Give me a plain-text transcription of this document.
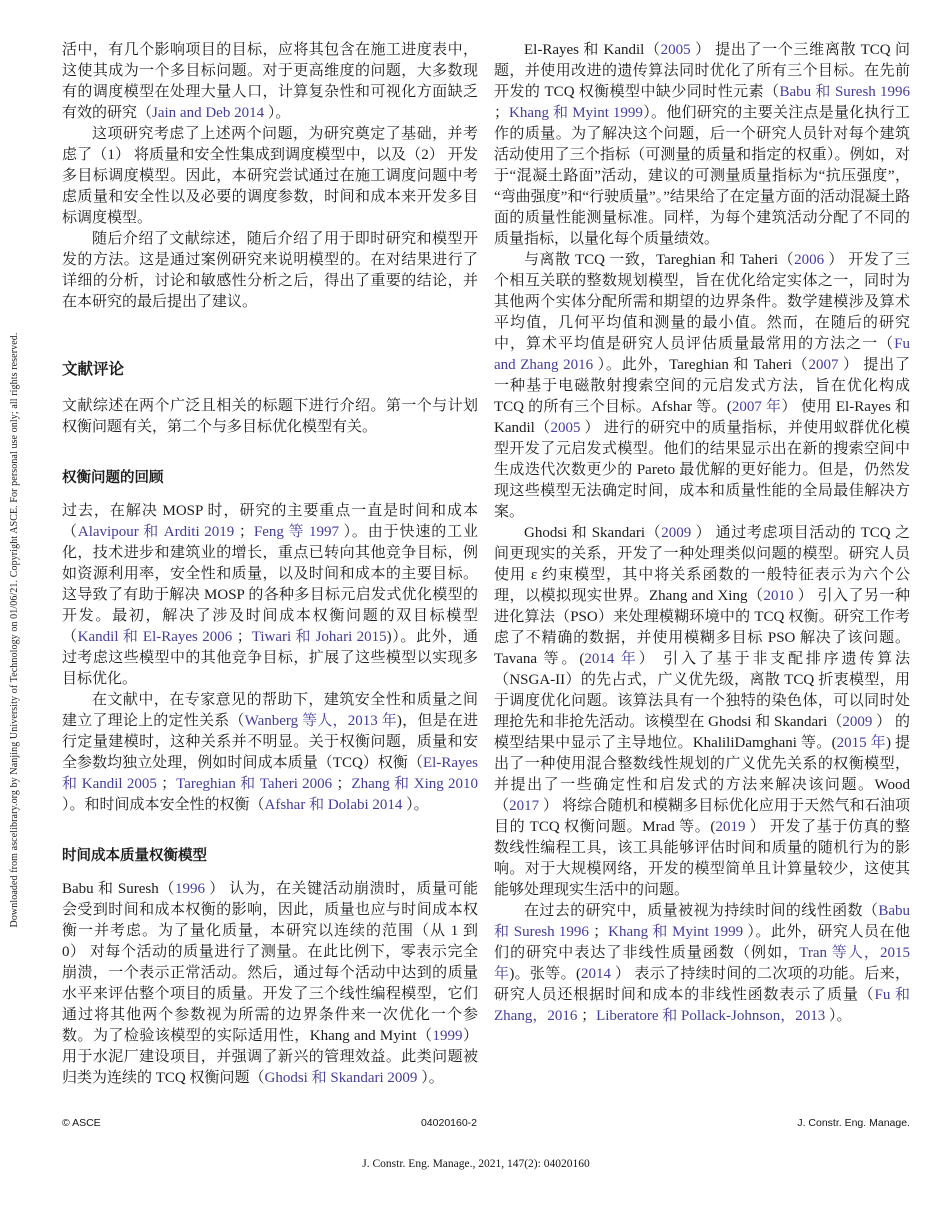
Downloaded from ascelibrary.org by Nanjing University of Technology on 01/06/21. Copyright ASCE. For personal use only; all rights reserved.

活中，有几个影响项目的目标，应将其包含在施工进度表中，这使其成为一个多目标问题。对于更高维度的问题，大多数现有的调度模型在处理大量人口，计算复杂性和可视化方面缺乏有效的研究（Jain and Deb 2014 ）。

这项研究考虑了上述两个问题，为研究奠定了基础，并考虑了（1） 将质量和安全性集成到调度模型中，以及（2） 开发多目标调度模型。因此，本研究尝试通过在施工调度问题中考虑质量和安全性以及必要的调度参数，时间和成本来开发多目标调度模型。

随后介绍了文献综述，随后介绍了用于即时研究和模型开发的方法。这是通过案例研究来说明模型的。在对结果进行了详细的分析，讨论和敏感性分析之后，得出了重要的结论，并在本研究的最后提出了建议。

文献评论

文献综述在两个广泛且相关的标题下进行介绍。第一个与计划权衡问题有关，第二个与多目标优化模型有关。

权衡问题的回顾

过去，在解决 MOSP 时，研究的主要重点一直是时间和成本（Alavipour 和 Arditi 2019 ；Feng 等 1997 ）。由于快速的工业化，技术进步和建筑业的增长，重点已转向其他竞争目标，例如资源利用率，安全性和质量，以及时间和成本的主要目标。这导致了有助于解决 MOSP 的各种多目标元启发式优化模型的开发。最初，解决了涉及时间成本权衡问题的双目标模型（Kandil 和 El-Rayes 2006 ；Tiwari 和 Johari 2015)）。此外，通过考虑这些模型中的其他竞争目标，扩展了这些模型以实现多目标优化。

在文献中，在专家意见的帮助下，建筑安全性和质量之间建立了理论上的定性关系（Wanberg 等人，2013 年)，但是在进行定量建模时，这种关系并不明显。关于权衡问题，质量和安全参数均独立处理，例如时间成本质量（TCQ）权衡（El-Rayes 和 Kandil 2005 ；Tareghian 和 Taheri 2006 ；Zhang 和 Xing 2010 ）。和时间成本安全性的权衡（Afshar 和 Dolabi 2014 ）。

时间成本质量权衡模型

Babu 和 Suresh（1996 ） 认为，在关键活动崩溃时，质量可能会受到时间和成本权衡的影响，因此，质量也应与时间成本权衡一并考虑。为了量化质量，本研究以连续的范围（从 1 到 0） 对每个活动的质量进行了测量。在此比例下，零表示完全崩溃，一个表示正常活动。然后，通过每个活动中达到的质量水平来评估整个项目的质量。开发了三个线性编程模型，它们通过将其他两个参数视为所需的边界条件来一次优化一个参数。为了检验该模型的实际适用性，Khang and Myint（1999）用于水泥厂建设项目，并强调了新兴的管理效益。此类问题被归类为连续的 TCQ 权衡问题（Ghodsi 和 Skandari 2009 ）。

El-Rayes 和 Kandil（2005 ） 提出了一个三维离散 TCQ 问题，并使用改进的遗传算法同时优化了所有三个目标。在先前开发的 TCQ 权衡模型中缺少同时性元素（Babu 和 Suresh 1996 ；Khang 和 Myint 1999）。他们研究的主要关注点是量化执行工作的质量。为了解决这个问题，后一个研究人员针对每个建筑活动使用了三个指标（可测量的质量和指定的权重）。例如，对于“混凝土路面”活动，建议的可测量质量指标为“抗压强度”，“弯曲强度”和“行驶质量”。”结果给了在定量方面的活动混凝土路面的质量性能测量标准。同样，为每个建筑活动分配了不同的质量指标，以量化每个质量绩效。

与离散 TCQ 一致，Tareghian 和 Taheri（2006 ） 开发了三个相互关联的整数规划模型，旨在优化给定实体之一，同时为其他两个实体分配所需和期望的边界条件。数学建模涉及算术平均值，几何平均值和测量的最小值。然而，在随后的研究中，算术平均值是研究人员评估质量最常用的方法之一（Fu and Zhang 2016 ）。此外，Tareghian 和 Taheri（2007 ） 提出了一种基于电磁散射搜索空间的元启发式方法，旨在优化构成 TCQ 的所有三个目标。Afshar 等。(2007 年） 使用 El-Rayes 和 Kandil（2005 ） 进行的研究中的质量指标，并使用蚁群优化模型开发了元启发式模型。他们的结果显示出在新的搜索空间中生成迭代次数更少的 Pareto 最优解的更好能力。但是，仍然发现这些模型无法确定时间，成本和质量性能的全局最佳解决方案。

Ghodsi 和 Skandari（2009 ） 通过考虑项目活动的 TCQ 之间更现实的关系，开发了一种处理类似问题的模型。研究人员使用 ε 约束模型，其中将关系函数的一般特征表示为六个公理，以模拟现实世界。Zhang and Xing（2010 ） 引入了另一种进化算法（PSO）来处理模糊环境中的 TCQ 权衡。研究工作考虑了不精确的数据，并使用模糊多目标 PSO 解决了该问题。Tavana 等。(2014 年） 引入了基于非支配排序遗传算法（NSGA-II）的先占式，广义优先级，离散 TCQ 折衷模型，用于调度优化问题。该算法具有一个独特的染色体，可以同时处理抢先和非抢先活动。该模型在 Ghodsi 和 Skandari（2009 ） 的模型结果中显示了主导地位。KhaliliDamghani 等。(2015 年) 提出了一种使用混合整数线性规划的广义优先关系的权衡模型，并提出了一些确定性和启发式的方法来解决该问题。Wood（2017 ） 将综合随机和模糊多目标优化应用于天然气和石油项目的 TCQ 权衡问题。Mrad 等。(2019 ） 开发了基于仿真的整数线性编程工具，该工具能够评估时间和质量的随机行为的影响。对于大规模网络，开发的模型简单且计算量较少，这使其能够处理现实生活中的问题。

在过去的研究中，质量被视为持续时间的线性函数（Babu 和 Suresh 1996 ；Khang 和 Myint 1999 ）。此外，研究人员在他们的研究中表达了非线性质量函数（例如，Tran 等人，2015 年)。张等。(2014 ） 表示了持续时间的二次项的功能。后来，研究人员还根据时间和成本的非线性函数表示了质量（Fu 和 Zhang，2016 ；Liberatore 和 Pollack-Johnson，2013 ）。

© ASCE	04020160-2	J. Constr. Eng. Manage.
J. Constr. Eng. Manage., 2021, 147(2): 04020160
